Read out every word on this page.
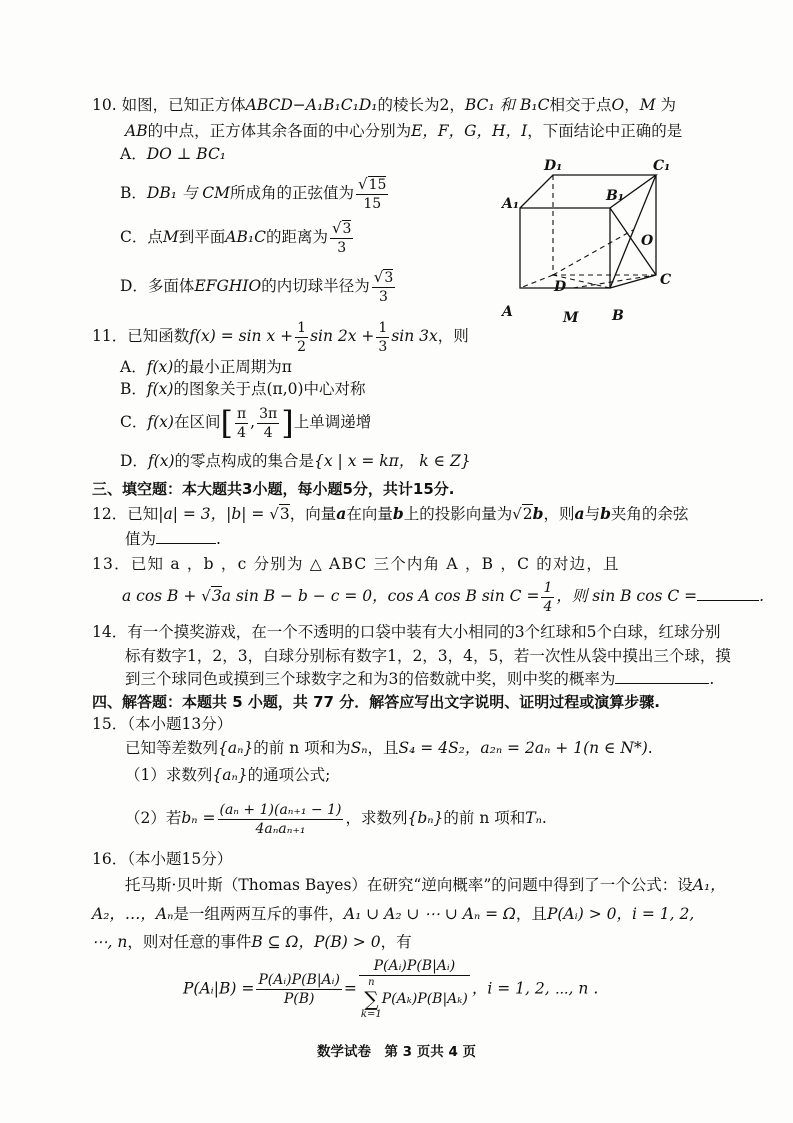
10. 如图，已知正方体ABCD−A₁B₁C₁D₁的棱长为2，BC₁ 和 B₁C相交于点O，M 为
AB的中点，正方体其余各面的中心分别为E，F，G，H，I，下面结论中正确的是
A．DO ⊥ BC₁
B．DB₁ 与 CM所成角的正弦值为 $\frac{√15}{15}$
C．点M到平面AB₁C的距离为 $\frac{√3}{3}$
D．多面体EFGHIO的内切球半径为 $\frac{√3}{3}$
D₁	C₁
A₁	B₁
O
C
D
A	M B
11．已知函数$f(x) = \sin x + \frac{1}{2}$ $\sin 2x + \frac{1}{3}$ sin 3x，则
A．f(x)的最小正周期为π
B．f(x)的图象关于点(π,0)中心对称
C．f(x)在区间[ $\frac{\pi}{4}$ , $\frac{3\pi}{4}$ ]上单调递增
D．f(x)的零点构成的集合是{x | x = kπ， k ∈ Z}
三、填空题：本大题共3小题，每小题5分，共计15分.
12．已知|a| = 3，|b| = √3，向量a在向量b上的投影向量为√2b，则a与b夹角的余弦
值为	.
13．已知 a ，b ，c 分别为 △ ABC 三个内角 A ，B ，C 的对边，且
a cos B + √3a sin B − b − c = 0，cos A cos B $\sin C = \frac{1}{4}$ ，则 sin B cos C =	.
14．有一个摸奖游戏，在一个不透明的口袋中装有大小相同的3个红球和5个白球，红球分别
标有数字1，2，3，白球分别标有数字1，2，3，4，5，若一次性从袋中摸出三个球，摸
到三个球同色或摸到三个球数字之和为3的倍数就中奖，则中奖的概率为	.
四、解答题：本题共 5 小题，共 77 分．解答应写出文字说明、证明过程或演算步骤.
15．（本小题13分）
已知等差数列{aₙ}的前 n 项和为Sₙ，且S₄ = 4S₂，a₂ₙ = 2aₙ + 1(n ∈ N*).
（1）求数列{aₙ}的通项公式;
（2）若$b_n = \frac{\text{(aₙ + 1)(aₙ₊₁ − 1)}}{\text{4aₙaₙ₊₁}}$ ，求数列{bₙ}的前 n 项和Tₙ.
16．（本小题15分）
托马斯·贝叶斯（Thomas Bayes）在研究“逆向概率”的问题中得到了一个公式：设A₁，
A₂，…，Aₙ是一组两两互斥的事件，A₁ ∪ A₂ ∪ ⋯ ∪ Aₙ = Ω，且P(Aᵢ) > 0，i = 1, 2,
⋯, n，则对任意的事件B ⊆ Ω，P(B) > 0，有
P(Aᵢ|B) = $\frac{\text{P(Aᵢ)P(B|Aᵢ)}}{P(B)}$ = P(Aᵢ)P(B|Aᵢ)
n
∑
k=1P(Aₖ)P(B|Aₖ) ，i = 1, 2, ⋯, n .
数学试卷　第 3 页共 4 页
